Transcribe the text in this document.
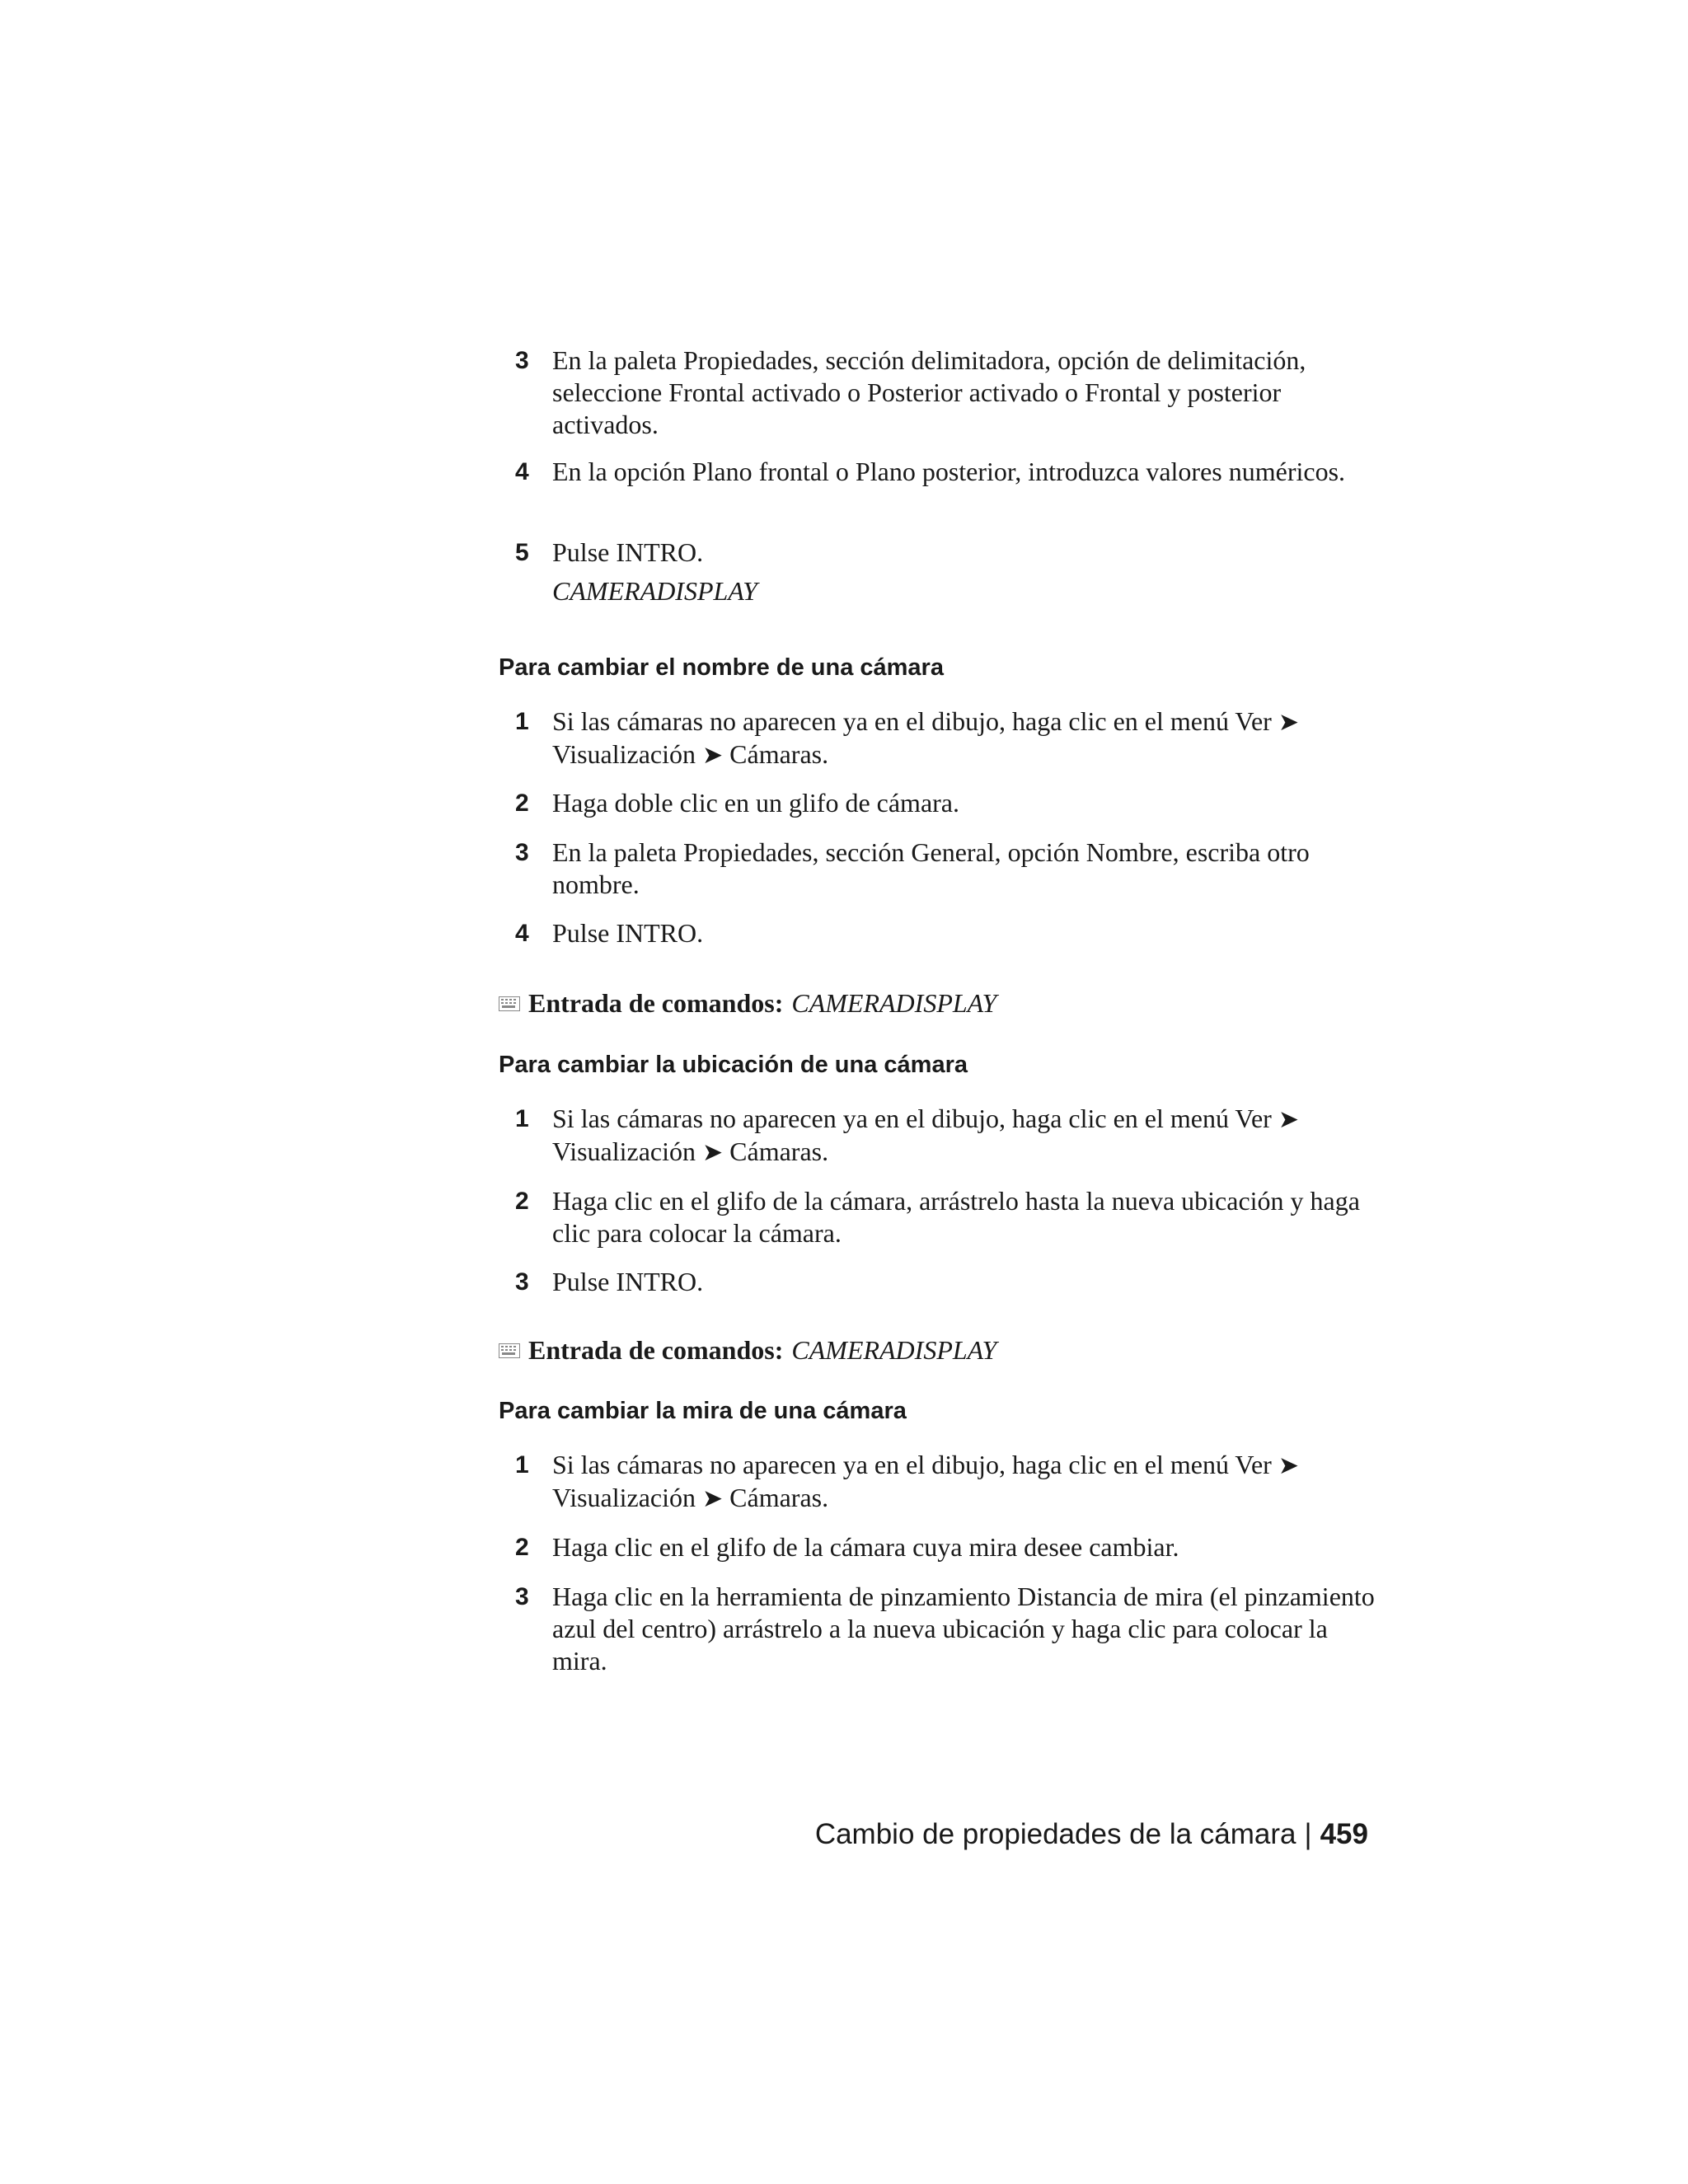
3 En la paleta Propiedades, sección delimitadora, opción de delimitación, seleccione Frontal activado o Posterior activado o Frontal y posterior activados.
4 En la opción Plano frontal o Plano posterior, introduzca valores numéricos.
5 Pulse INTRO.
CAMERADISPLAY
Para cambiar el nombre de una cámara
1 Si las cámaras no aparecen ya en el dibujo, haga clic en el menú Ver ➤
Visualización ➤ Cámaras.
2 Haga doble clic en un glifo de cámara.
3 En la paleta Propiedades, sección General, opción Nombre, escriba otro nombre.
4 Pulse INTRO.
Entrada de comandos: CAMERADISPLAY
Para cambiar la ubicación de una cámara
1 Si las cámaras no aparecen ya en el dibujo, haga clic en el menú Ver ➤
Visualización ➤ Cámaras.
2 Haga clic en el glifo de la cámara, arrástrelo hasta la nueva ubicación y haga clic para colocar la cámara.
3 Pulse INTRO.
Entrada de comandos: CAMERADISPLAY
Para cambiar la mira de una cámara
1 Si las cámaras no aparecen ya en el dibujo, haga clic en el menú Ver ➤
Visualización ➤ Cámaras.
2 Haga clic en el glifo de la cámara cuya mira desee cambiar.
3 Haga clic en la herramienta de pinzamiento Distancia de mira (el pinzamiento azul del centro) arrástrelo a la nueva ubicación y haga clic para colocar la mira.
Cambio de propiedades de la cámara | 459
